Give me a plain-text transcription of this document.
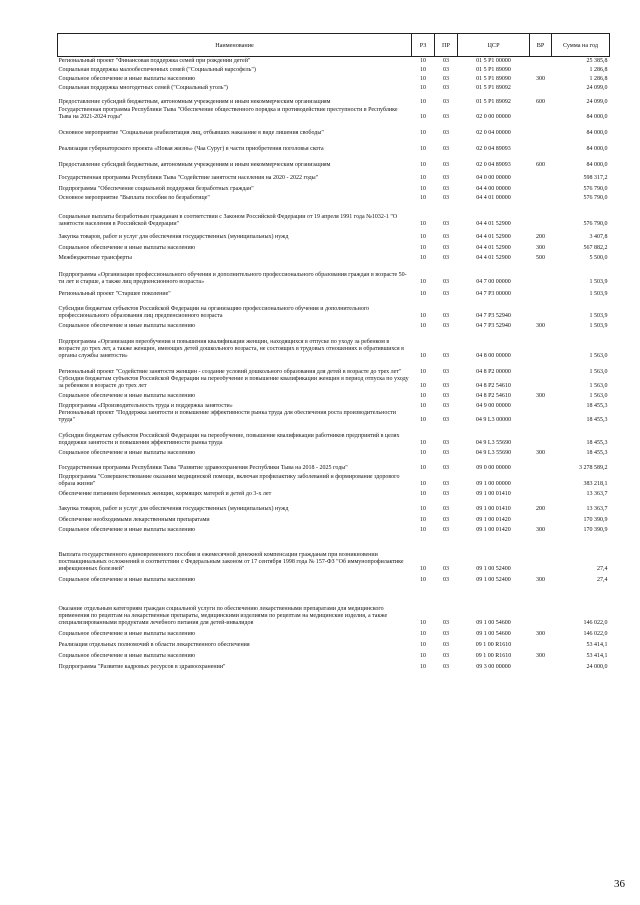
Наименование	РЗ	ПР	ЦСР	ВР	Сумма на год
Региональный проект "Финансовая поддержка семей при рождении детей"	10	03	01 5 P1 00000		25 385,8
Социальная поддержка малообеспеченных семей ("Социальный нарсофель")	10	03	01 5 P1 89090		1 286,8
Социальное обеспечение и иные выплаты населению	10	03	01 5 P1 89090	300	1 286,8
Социальная поддержка многодетных семей ("Социальный уголь")	10	03	01 5 P1 89092		24 099,0
Предоставление субсидий бюджетным, автономным учреждениям и иным некоммерческим организациям	10	03	01 5 P1 89092	600	24 099,0
Государственная программа Республики Тыва "Обеспечение общественного порядка и противодействие преступности в Республике Тыва на 2021-2024 годы"	10	03	02 0 00 00000		84 000,0
Основное мероприятие "Социальная реабилитация лиц, отбывших наказание в виде лишения свободы"	10	03	02 0 04 00000		84 000,0
Реализация губернаторского проекта «Новая жизнь» (Чаа Суруг) в части приобретения поголовья скота	10	03	02 0 04 89093		84 000,0
Предоставление субсидий бюджетным, автономным учреждениям и иным некоммерческим организациям	10	03	02 0 04 89093	600	84 000,0
Государственная программа Республики Тыва "Содействие занятости населения на 2020 - 2022 годы"	10	03	04 0 00 00000		598 317,2
Подпрограмма "Обеспечение социальной поддержки безработных граждан"	10	03	04 4 00 00000		576 790,0
Основное мероприятие "Выплата пособия по безработице"	10	03	04 4 01 00000		576 790,0
Социальные выплаты безработным гражданам в соответствии с Законом Российской Федерации от 19 апреля 1991 года №1032-1 "О занятости населения в Российской Федерации"	10	03	04 4 01 52900		576 790,0
Закупка товаров, работ и услуг для обеспечения государственных (муниципальных) нужд	10	03	04 4 01 52900	200	3 407,8
Социальное обеспечение и иные выплаты населению	10	03	04 4 01 52900	300	567 882,2
Межбюджетные трансферты	10	03	04 4 01 52900	500	5 500,0
Подпрограмма «Организация профессионального обучения и дополнительного профессионального образования граждан в возрасте 50-ти лет и старше, а также лиц предпенсионного возраста»	10	03	04 7 00 00000		1 503,9
Региональный проект "Старшее поколение"	10	03	04 7 P3 00000		1 503,9
Субсидии бюджетам субъектов Российской Федерации на организацию профессионального обучения и дополнительного профессионального образования лиц предпенсионного возраста	10	03	04 7 P3 52940		1 503,9
Социальное обеспечение и иные выплаты населению	10	03	04 7 P3 52940	300	1 503,9
Подпрограмма «Организация переобучения и повышения квалификации женщин, находящихся в отпуске по уходу за ребенком в возрасте до трех лет, а также женщин, имеющих детей дошкольного возраста, не состоящих в трудовых отношениях и обратившихся в органы службы занятости»	10	03	04 8 00 00000		1 563,0
Региональный проект "Содействие занятости женщин - создание условий дошкольного образования для детей в возрасте до трех лет"	10	03	04 8 P2 00000		1 563,0
Субсидии бюджетам субъектов Российской Федерации на переобучение и повышение квалификации женщин в период отпуска по уходу за ребенком в возрасте до трех лет	10	03	04 8 P2 54610		1 563,0
Социальное обеспечение и иные выплаты населению	10	03	04 8 P2 54610	300	1 563,0
Подпрограмма «Производительность труда и поддержка занятости»	10	03	04 9 00 00000		18 455,3
Региональный проект "Поддержка занятости и повышение эффективности рынка труда для обеспечения роста производительности труда"	10	03	04 9 L3 00000		18 455,3
Субсидии бюджетам субъектов Российской Федерации на переобучение, повышение квалификации работников предприятий в целях поддержки занятости и повышения эффективности рынка труда	10	03	04 9 L3 55690		18 455,3
Социальное обеспечение и иные выплаты населению	10	03	04 9 L3 55690	300	18 455,3
Государственная программа Республики Тыва "Развитие здравоохранения Республики Тыва на 2018 - 2025 годы"	10	03	09 0 00 00000		3 278 589,2
Подпрограмма "Совершенствование оказания медицинской помощи, включая профилактику заболеваний и формирование здорового образа жизни"	10	03	09 1 00 00000		383 218,1
Обеспечение питанием беременных женщин, кормящих матерей и детей до 3-х лет	10	03	09 1 00 01410		13 363,7
Закупка товаров, работ и услуг для обеспечения государственных (муниципальных) нужд	10	03	09 1 00 01410	200	13 363,7
Обеспечение необходимыми лекарственными препаратами	10	03	09 1 00 01420		170 390,9
Социальное обеспечение и иные выплаты населению	10	03	09 1 00 01420	300	170 390,9
Выплата государственного единовременного пособия и ежемесячной денежной компенсации гражданам при возникновении поствакцинальных осложнений в соответствии с Федеральным законом от 17 сентября 1998 года № 157-ФЗ "Об иммунопрофилактике инфекционных болезней"	10	03	09 1 00 52400		27,4
Социальное обеспечение и иные выплаты населению	10	03	09 1 00 52400	300	27,4
Оказание отдельным категориям граждан социальной услуги по обеспечению лекарственными препаратами для медицинского применения по рецептам на лекарственные препараты, медицинскими изделиями по рецептам на медицинские изделия, а также специализированными продуктами лечебного питания для детей-инвалидов	10	03	09 1 00 54600		146 022,0
Социальное обеспечение и иные выплаты населению	10	03	09 1 00 54600	300	146 022,0
Реализация отдельных полномочий в области лекарственного обеспечения	10	03	09 1 00 R1610		53 414,1
Социальное обеспечение и иные выплаты населению	10	03	09 1 00 R1610	300	53 414,1
Подпрограмма "Развитие кадровых ресурсов в здравоохранении"	10	03	09 3 00 00000		24 000,0
36
